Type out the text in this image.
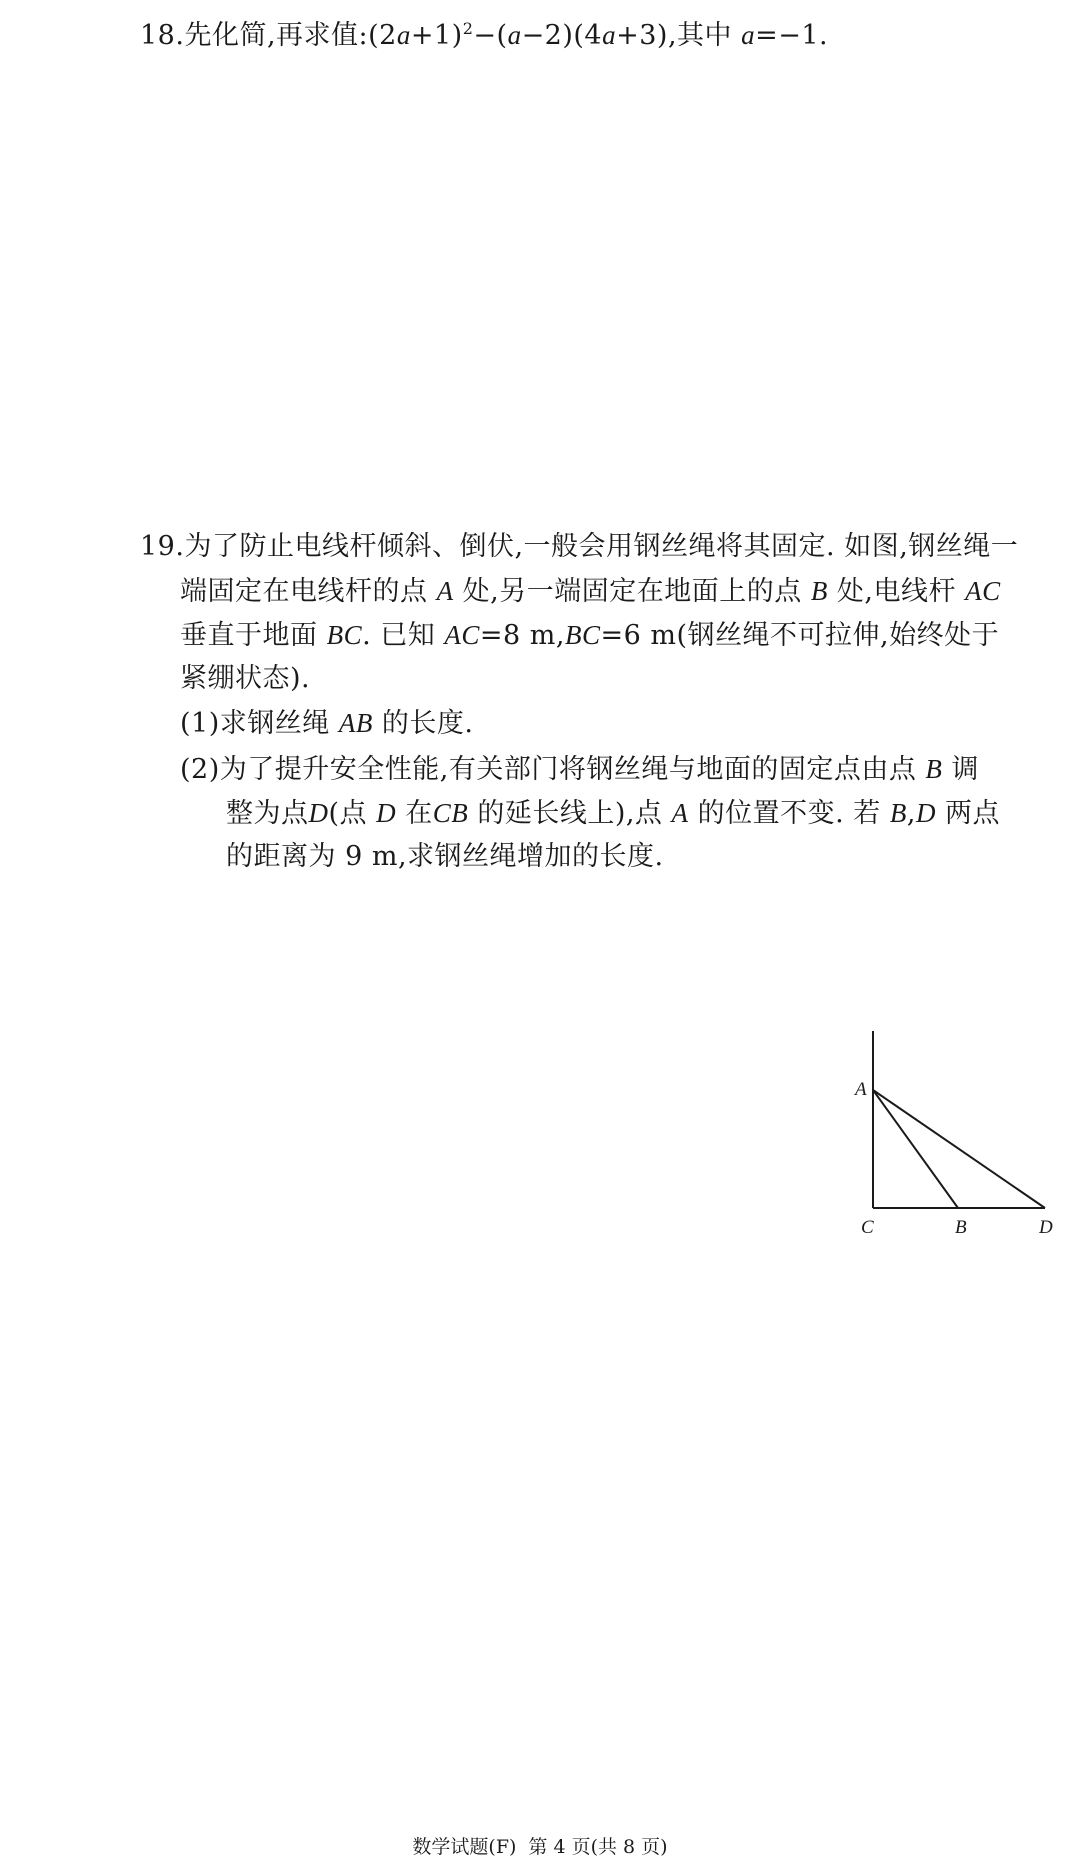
18.先化简,再求值$:(2a+1)^2-(a-2)(4a+3)$,其中 a=−1.
19.为了防止电线杆倾斜、倒伏,一般会用钢丝绳将其固定. 如图,钢丝绳一
端固定在电线杆的点 A 处,另一端固定在地面上的点 B 处,电线杆 AC
垂直于地面 BC. 已知 AC=8 m,BC=6 m(钢丝绳不可拉伸,始终处于
紧绷状态).
(1)求钢丝绳 AB 的长度.
(2)为了提升安全性能,有关部门将钢丝绳与地面的固定点由点 B 调
整为点D(点 D 在CB 的延长线上),点 A 的位置不变. 若 B,D 两点
的距离为 9 m,求钢丝绳增加的长度.
A
C	B	D
数学试题(F) 第 4 页(共 8 页)
